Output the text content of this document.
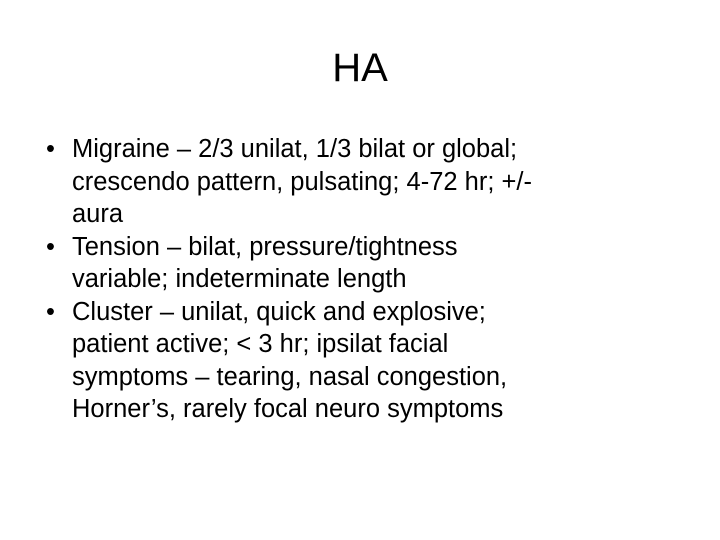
HA
• Migraine – 2/3 unilat, 1/3 bilat or global;
crescendo pattern, pulsating; 4-72 hr; +/-
aura
• Tension – bilat, pressure/tightness
variable; indeterminate length
• Cluster – unilat, quick and explosive;
patient active; < 3 hr; ipsilat facial
symptoms – tearing, nasal congestion,
Horner’s, rarely focal neuro symptoms
